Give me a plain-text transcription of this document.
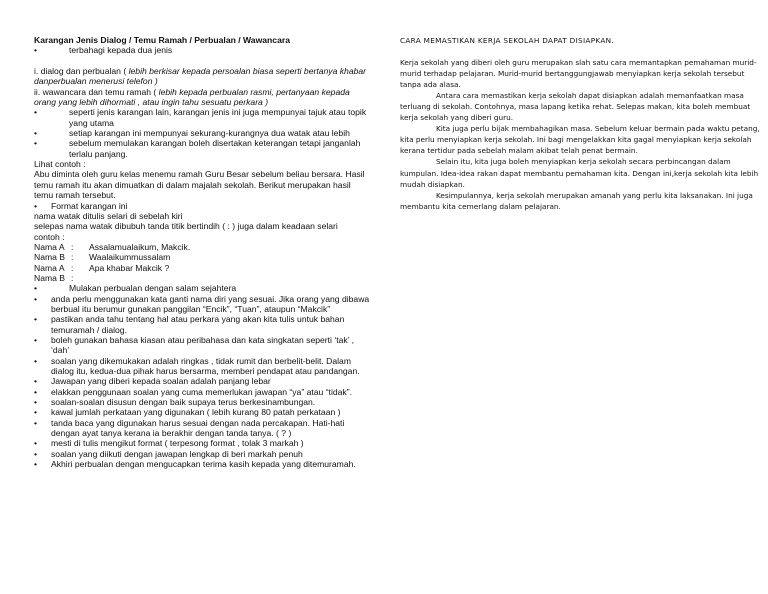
Karangan Jenis Dialog / Temu Ramah / Perbualan / Wawancara

• terbahagi kepada dua jenis

i. dialog dan perbualan ( lebih berkisar kepada persoalan biasa seperti bertanya khabar danperbualan menerusi telefon )

ii. wawancara dan temu ramah ( lebih kepada perbualan rasmi, pertanyaan kepada orang yang lebih dihormati , atau ingin tahu sesuatu perkara )

• seperti jenis karangan lain, karangan jenis ini juga mempunyai tajuk atau topik yang utama

• setiap karangan ini mempunyai sekurang-kurangnya dua watak atau lebih

• sebelum memulakan karangan boleh disertakan keterangan tetapi janganlah terlalu panjang.

Lihat contoh :

Abu diminta oleh guru kelas menemu ramah Guru Besar sebelum beliau bersara. Hasil temu ramah itu akan dimuatkan di dalam majalah sekolah. Berikut merupakan hasil temu ramah tersebut.

• Format karangan ini

nama watak ditulis selari di sebelah kiri

selepas nama watak dibubuh tanda titik bertindih ( : ) juga dalam keadaan selari

contoh :

Nama A :	Assalamualaikum, Makcik.
Nama B :	Waalaikummussalam
Nama A :	Apa khabar Makcik ?
Nama B :

• Mulakan perbualan dengan salam sejahtera

• anda perlu menggunakan kata ganti nama diri yang sesuai. Jika orang yang dibawa berbual itu berumur gunakan panggilan “Encik”, “Tuan”, ataupun “Makcik”

• pastikan anda tahu tentang hal atau perkara yang akan kita tulis untuk bahan temuramah / dialog.

• boleh gunakan bahasa kiasan atau peribahasa dan kata singkatan seperti ‘tak’ , ‘dah’

• soalan yang dikemukakan adalah ringkas , tidak rumit dan berbelit-belit. Dalam dialog itu, kedua-dua pihak harus bersarma, memberi pendapat atau pandangan.

• Jawapan yang diberi kepada soalan adalah panjang lebar

• elakkan penggunaan soalan yang cuma memerlukan jawapan “ya” atau “tidak”.

• soalan-soalan disusun dengan baik supaya terus berkesinambungan.

• kawal jumlah perkataan yang digunakan ( lebih kurang 80 patah perkataan )

• tanda baca yang digunakan harus sesuai dengan nada percakapan. Hati-hati dengan ayat tanya kerana ia berakhir dengan tanda tanya. ( ? )

• mesti di tulis mengikut format ( terpesong format , tolak 3 markah )

• soalan yang diikuti dengan jawapan lengkap di beri markah penuh

• Akhiri perbualan dengan mengucapkan terima kasih kepada yang ditemuramah.

CARA MEMASTIKAN KERJA SEKOLAH DAPAT DISIAPKAN.

Kerja sekolah yang diberi oleh guru merupakan slah satu cara memantapkan pemahaman murid-murid terhadap pelajaran. Murid-murid bertanggungjawab menyiapkan kerja sekolah tersebut tanpa ada alasa.

Antara cara memastikan kerja sekolah dapat disiapkan adalah memanfaatkan masa terluang di sekolah. Contohnya, masa lapang ketika rehat. Selepas makan, kita boleh membuat kerja sekolah yang diberi guru.

Kita juga perlu bijak membahagikan masa. Sebelum keluar bermain pada waktu petang, kita perlu menyiapkan kerja sekolah. Ini bagi mengelakkan kita gagal menyiapkan kerja sekolah kerana tertidur pada sebelah malam akibat telah penat bermain.

Selain itu, kita juga boleh menyiapkan kerja sekolah secara perbincangan dalam kumpulan. Idea-idea rakan dapat membantu pemahaman kita. Dengan ini,kerja sekolah kita lebih mudah disiapkan.

Kesimpulannya, kerja sekolah merupakan amanah yang perlu kita laksanakan. Ini juga membantu kita cemerlang dalam pelajaran.
